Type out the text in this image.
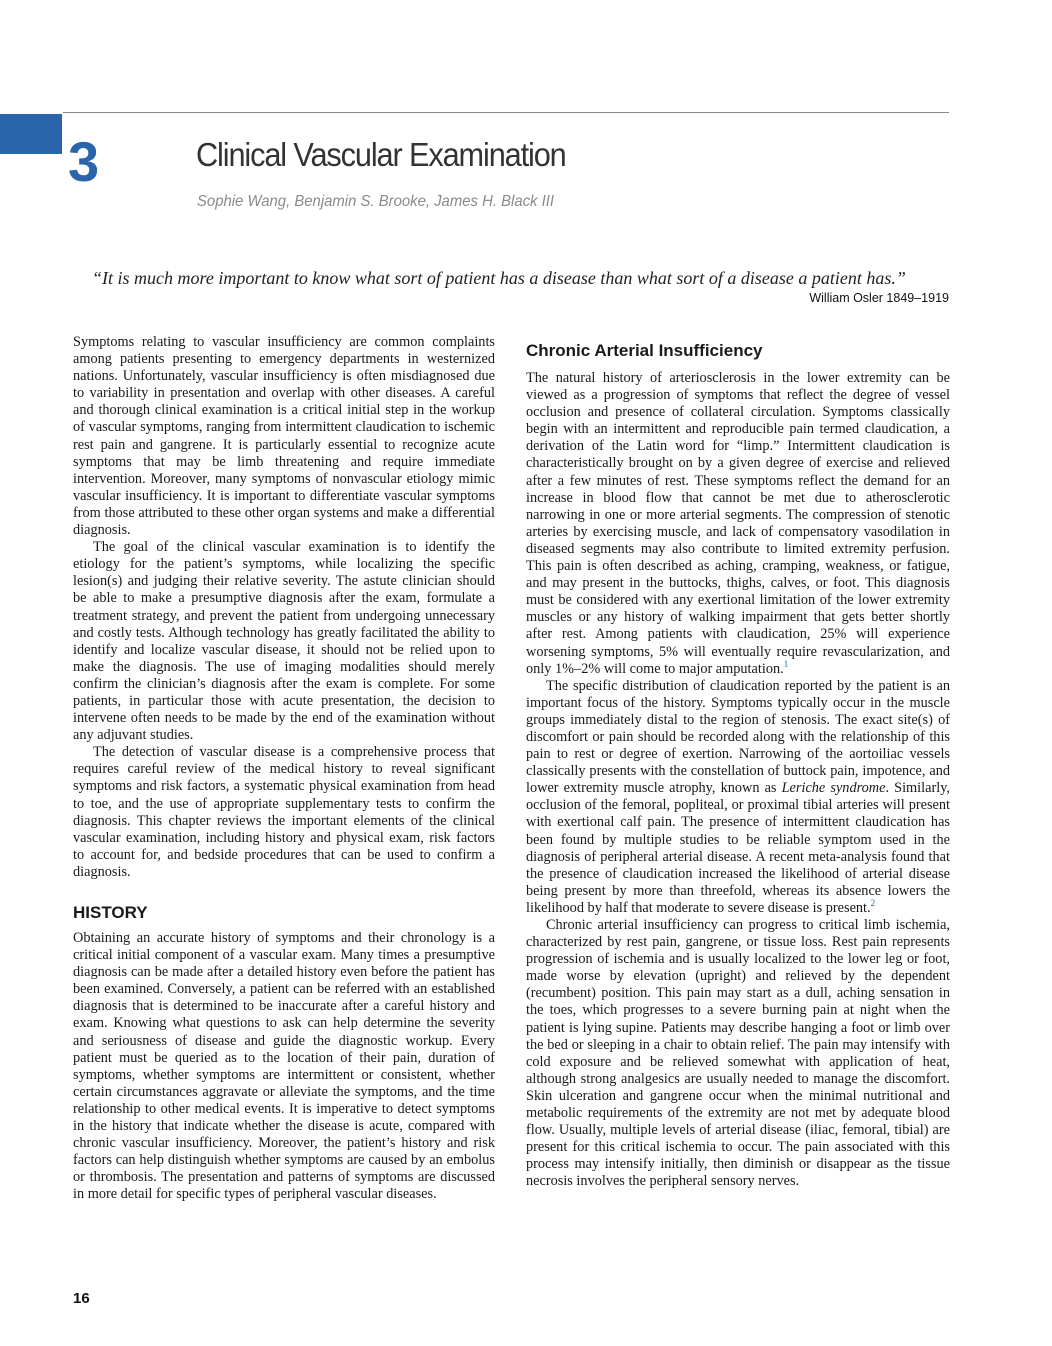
3	Clinical Vascular Examination
Sophie Wang, Benjamin S. Brooke, James H. Black III
“It is much more important to know what sort of patient has a disease than what sort of a disease a patient has.”
William Osler 1849–1919

Symptoms relating to vascular insufficiency are common complaints among patients presenting to emergency departments in westernized nations. Unfortunately, vascular insufficiency is often misdiagnosed due to variability in presentation and overlap with other diseases. A careful and thorough clinical examination is a critical initial step in the workup of vascular symptoms, ranging from intermittent claudication to ischemic rest pain and gangrene. It is particularly essential to recognize acute symptoms that may be limb threatening and require immediate intervention. Moreover, many symptoms of nonvascular etiology mimic vascular insufficiency. It is important to differentiate vascular symptoms from those attributed to these other organ systems and make a differential diagnosis.

The goal of the clinical vascular examination is to identify the etiology for the patient’s symptoms, while localizing the specific lesion(s) and judging their relative severity. The astute clinician should be able to make a presumptive diagnosis after the exam, formulate a treatment strategy, and prevent the patient from undergoing unnecessary and costly tests. Although technology has greatly facilitated the ability to identify and localize vascular disease, it should not be relied upon to make the diagnosis. The use of imaging modalities should merely confirm the clinician’s diagnosis after the exam is complete. For some patients, in particular those with acute presentation, the decision to intervene often needs to be made by the end of the examination without any adjuvant studies.

The detection of vascular disease is a comprehensive process that requires careful review of the medical history to reveal significant symptoms and risk factors, a systematic physical examination from head to toe, and the use of appropriate supplementary tests to confirm the diagnosis. This chapter reviews the important elements of the clinical vascular examination, including history and physical exam, risk factors to account for, and bedside procedures that can be used to confirm a diagnosis.

HISTORY

Obtaining an accurate history of symptoms and their chronology is a critical initial component of a vascular exam. Many times a presumptive diagnosis can be made after a detailed history even before the patient has been examined. Conversely, a patient can be referred with an established diagnosis that is determined to be inaccurate after a careful history and exam. Knowing what questions to ask can help determine the severity and seriousness of disease and guide the diagnostic workup. Every patient must be queried as to the location of their pain, duration of symptoms, whether symptoms are intermittent or consistent, whether certain circumstances aggravate or alleviate the symptoms, and the time relationship to other medical events. It is imperative to detect symptoms in the history that indicate whether the disease is acute, compared with chronic vascular insufficiency. Moreover, the patient’s history and risk factors can help distinguish whether symptoms are caused by an embolus or thrombosis. The presentation and patterns of symptoms are discussed in more detail for specific types of peripheral vascular diseases.

Chronic Arterial Insufficiency

The natural history of arteriosclerosis in the lower extremity can be viewed as a progression of symptoms that reflect the degree of vessel occlusion and presence of collateral circulation. Symptoms classically begin with an intermittent and reproducible pain termed claudication, a derivation of the Latin word for “limp.” Intermittent claudication is characteristically brought on by a given degree of exercise and relieved after a few minutes of rest. These symptoms reflect the demand for an increase in blood flow that cannot be met due to atherosclerotic narrowing in one or more arterial segments. The compression of stenotic arteries by exercising muscle, and lack of compensatory vasodilation in diseased segments may also contribute to limited extremity perfusion. This pain is often described as aching, cramping, weakness, or fatigue, and may present in the buttocks, thighs, calves, or foot. This diagnosis must be considered with any exertional limitation of the lower extremity muscles or any history of walking impairment that gets better shortly after rest. Among patients with claudication, 25% will experience worsening symptoms, 5% will eventually require revascularization, and only 1%–2% will come to major amputation.$^1$

The specific distribution of claudication reported by the patient is an important focus of the history. Symptoms typically occur in the muscle groups immediately distal to the region of stenosis. The exact site(s) of discomfort or pain should be recorded along with the relationship of this pain to rest or degree of exertion. Narrowing of the aortoiliac vessels classically presents with the constellation of buttock pain, impotence, and lower extremity muscle atrophy, known as Leriche syndrome. Similarly, occlusion of the femoral, popliteal, or proximal tibial arteries will present with exertional calf pain. The presence of intermittent claudication has been found by multiple studies to be reliable symptom used in the diagnosis of peripheral arterial disease. A recent meta-analysis found that the presence of claudication increased the likelihood of arterial disease being present by more than threefold, whereas its absence lowers the likelihood by half that moderate to severe disease is present.$^2$

Chronic arterial insufficiency can progress to critical limb ischemia, characterized by rest pain, gangrene, or tissue loss. Rest pain represents progression of ischemia and is usually localized to the lower leg or foot, made worse by elevation (upright) and relieved by the dependent (recumbent) position. This pain may start as a dull, aching sensation in the toes, which progresses to a severe burning pain at night when the patient is lying supine. Patients may describe hanging a foot or limb over the bed or sleeping in a chair to obtain relief. The pain may intensify with cold exposure and be relieved somewhat with application of heat, although strong analgesics are usually needed to manage the discomfort. Skin ulceration and gangrene occur when the minimal nutritional and metabolic requirements of the extremity are not met by adequate blood flow. Usually, multiple levels of arterial disease (iliac, femoral, tibial) are present for this critical ischemia to occur. The pain associated with this process may intensify initially, then diminish or disappear as the tissue necrosis involves the peripheral sensory nerves.

16
